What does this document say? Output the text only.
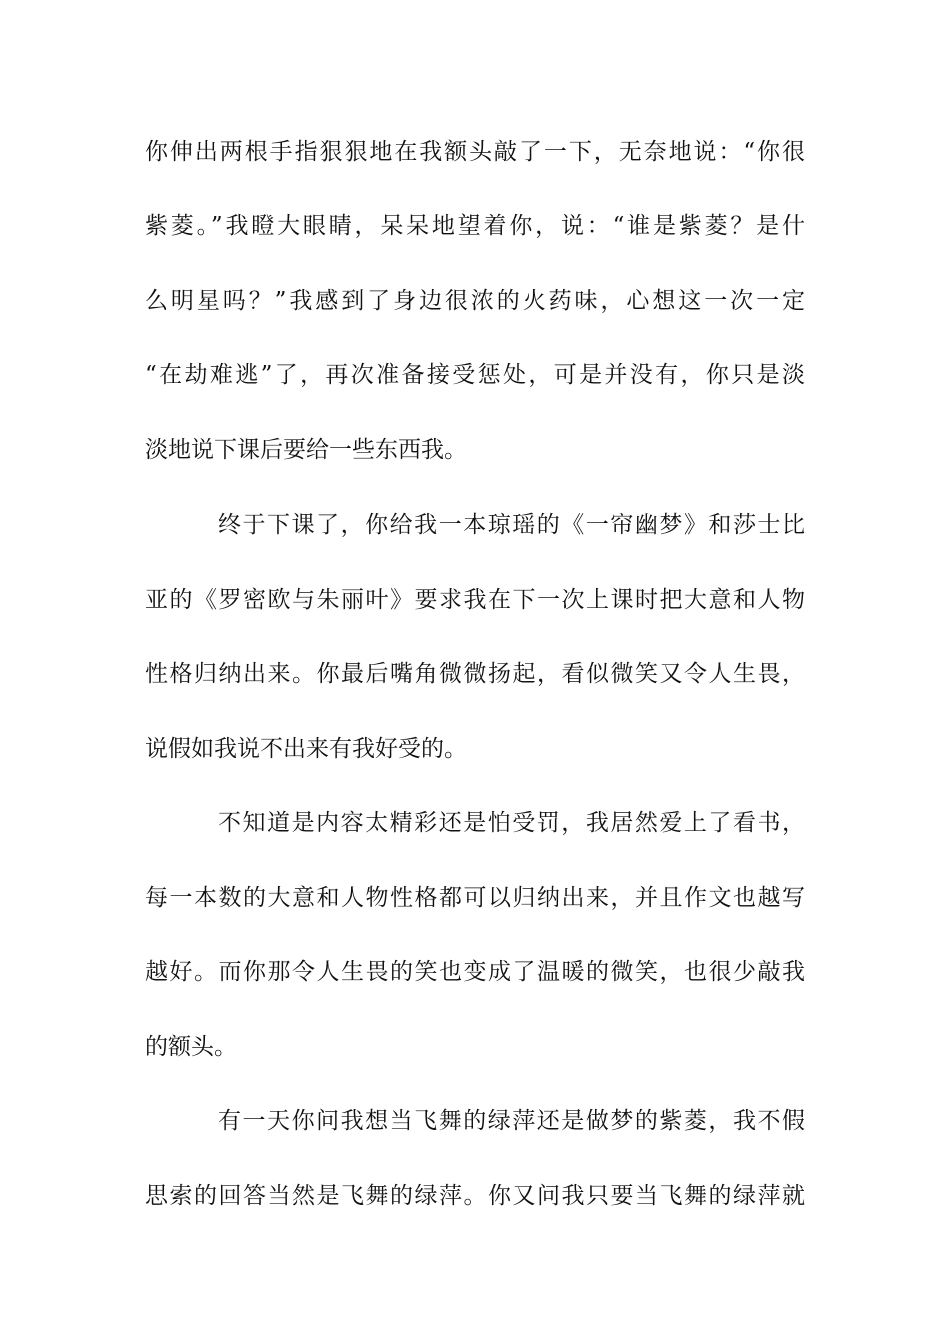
你伸出两根手指狠狠地在我额头敲了一下，无奈地说：“你很
紫菱。”我瞪大眼睛，呆呆地望着你，说：“谁是紫菱？是什
么明星吗？”我感到了身边很浓的火药味，心想这一次一定
“在劫难逃”了，再次准备接受惩处，可是并没有，你只是淡
淡地说下课后要给一些东西我。
终于下课了，你给我一本琼瑶的《一帘幽梦》和莎士比
亚的《罗密欧与朱丽叶》要求我在下一次上课时把大意和人物
性格归纳出来。你最后嘴角微微扬起，看似微笑又令人生畏，
说假如我说不出来有我好受的。
不知道是内容太精彩还是怕受罚，我居然爱上了看书，
每一本数的大意和人物性格都可以归纳出来，并且作文也越写
越好。而你那令人生畏的笑也变成了温暖的微笑，也很少敲我
的额头。
有一天你问我想当飞舞的绿萍还是做梦的紫菱，我不假
思索的回答当然是飞舞的绿萍。你又问我只要当飞舞的绿萍就
